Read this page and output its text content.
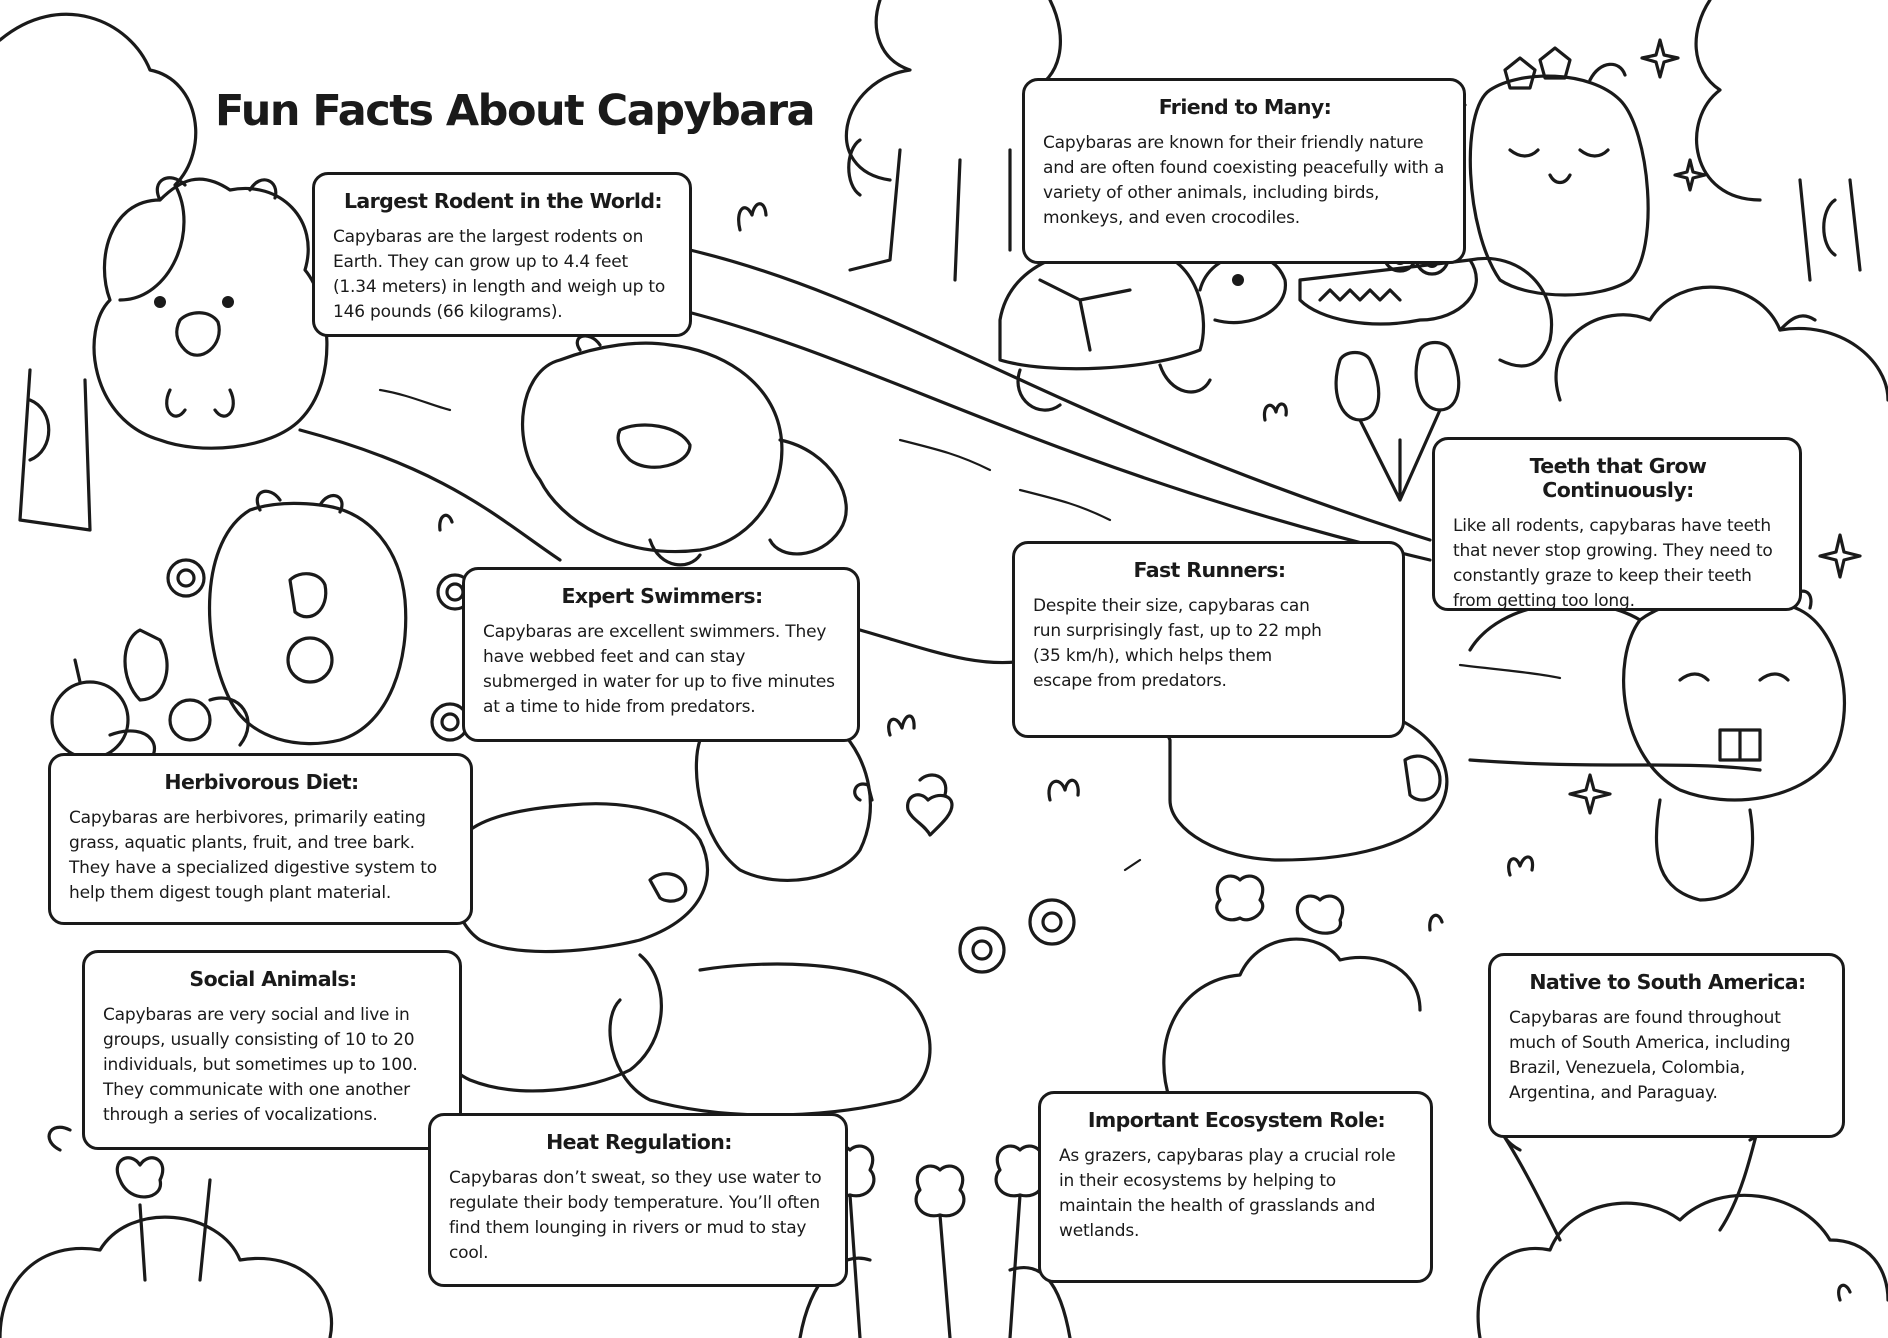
Fun Facts About Capybara
Largest Rodent in the World:

Capybaras are the largest rodents on Earth. They can grow up to 4.4 feet (1.34 meters) in length and weigh up to 146 pounds (66 kilograms).

Friend to Many:

Capybaras are known for their friendly nature and are often found coexisting peacefully with a variety of other animals, including birds, monkeys, and even crocodiles.

Teeth that Grow Continuously:

Like all rodents, capybaras have teeth that never stop growing. They need to constantly graze to keep their teeth from getting too long.

Expert Swimmers:

Capybaras are excellent swimmers. They have webbed feet and can stay submerged in water for up to five minutes at a time to hide from predators.

Fast Runners:

Despite their size, capybaras can run surprisingly fast, up to 22 mph (35 km/h), which helps them escape from predators.

Herbivorous Diet:

Capybaras are herbivores, primarily eating grass, aquatic plants, fruit, and tree bark. They have a specialized digestive system to help them digest tough plant material.

Social Animals:

Capybaras are very social and live in groups, usually consisting of 10 to 20 individuals, but sometimes up to 100. They communicate with one another through a series of vocalizations.

Heat Regulation:

Capybaras don’t sweat, so they use water to regulate their body temperature. You’ll often find them lounging in rivers or mud to stay cool.

Important Ecosystem Role:

As grazers, capybaras play a crucial role in their ecosystems by helping to maintain the health of grasslands and wetlands.

Native to South America:

Capybaras are found throughout much of South America, including Brazil, Venezuela, Colombia, Argentina, and Paraguay.
